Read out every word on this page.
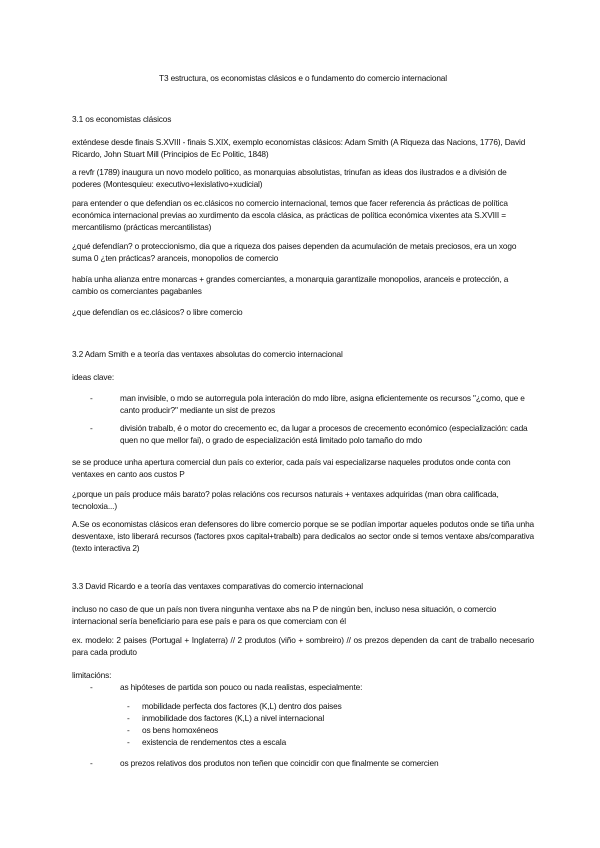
T3 estructura, os economistas clásicos e o fundamento do comercio internacional
3.1 os economistas clásicos
exténdese desde finais S.XVIII - finais S.XIX, exemplo economistas clásicos: Adam Smith (A Riqueza das Nacions, 1776), David Ricardo, John Stuart Mill (Principios de Ec Politic, 1848)
a revfr (1789) inaugura un novo modelo politico, as monarquias absolutistas, trinufan as ideas dos ilustrados e a división de poderes (Montesquieu: executivo+lexislativo+xudicial)
para entender o que defendian os ec.clásicos no comercio internacional, temos que facer referencia ás prácticas de política económica internacional previas ao xurdimento da escola clásica, as prácticas de política económica vixentes ata S.XVIII = mercantilismo (prácticas mercantilistas)
¿qué defendían? o proteccionismo, dia que a riqueza dos paises dependen da acumulación de metais preciosos, era un xogo suma 0 ¿ten prácticas? aranceis, monopolios de comercio
había unha alianza entre monarcas + grandes comerciantes, a monarquia garantizaile monopolios, aranceis e protección, a cambio os comerciantes pagabanles
¿que defendían os ec.clásicos? o libre comercio
3.2 Adam Smith e a teoría das ventaxes absolutas do comercio internacional
ideas clave:
-	man invisible, o mdo se autorregula pola interación do mdo libre, asigna eficientemente os recursos "¿como, que e canto producir?" mediante un sist de prezos
-	división trabalb, é o motor do crecemento ec, da lugar a procesos de crecemento económico (especialización: cada quen no que mellor fai), o grado de especialización está limitado polo tamaño do mdo
se se produce unha apertura comercial dun país co exterior, cada país vai especializarse naqueles produtos onde conta con ventaxes en canto aos custos P
¿porque un país produce máis barato? polas relacións cos recursos naturais + ventaxes adquiridas (man obra calificada, tecnoloxia...)
A.Se os economistas clásicos eran defensores do libre comercio porque se se podían importar aqueles podutos onde se tiña unha desventaxe, isto liberará recursos (factores pxos capital+trabalb) para dedicalos ao sector onde si temos ventaxe abs/comparativa (texto interactiva 2)
3.3 David Ricardo e a teoría das ventaxes comparativas do comercio internacional
incluso no caso de que un país non tivera ningunha ventaxe abs na P de ningún ben, incluso nesa situación, o comercio internacional sería beneficiario para ese país e para os que comerciam con él
ex. modelo: 2 paises (Portugal + Inglaterra) // 2 produtos (viño + sombreiro) // os prezos dependen da cant de traballo necesario para cada produto
limitacións:
-	as hipóteses de partida son pouco ou nada realistas, especialmente:
- mobilidade perfecta dos factores (K,L) dentro dos paises
- inmobilidade dos factores (K,L) a nivel internacional
- os bens homoxéneos
- existencia de rendementos ctes a escala
-	os prezos relativos dos produtos non teñen que coincidir con que finalmente se comercien
